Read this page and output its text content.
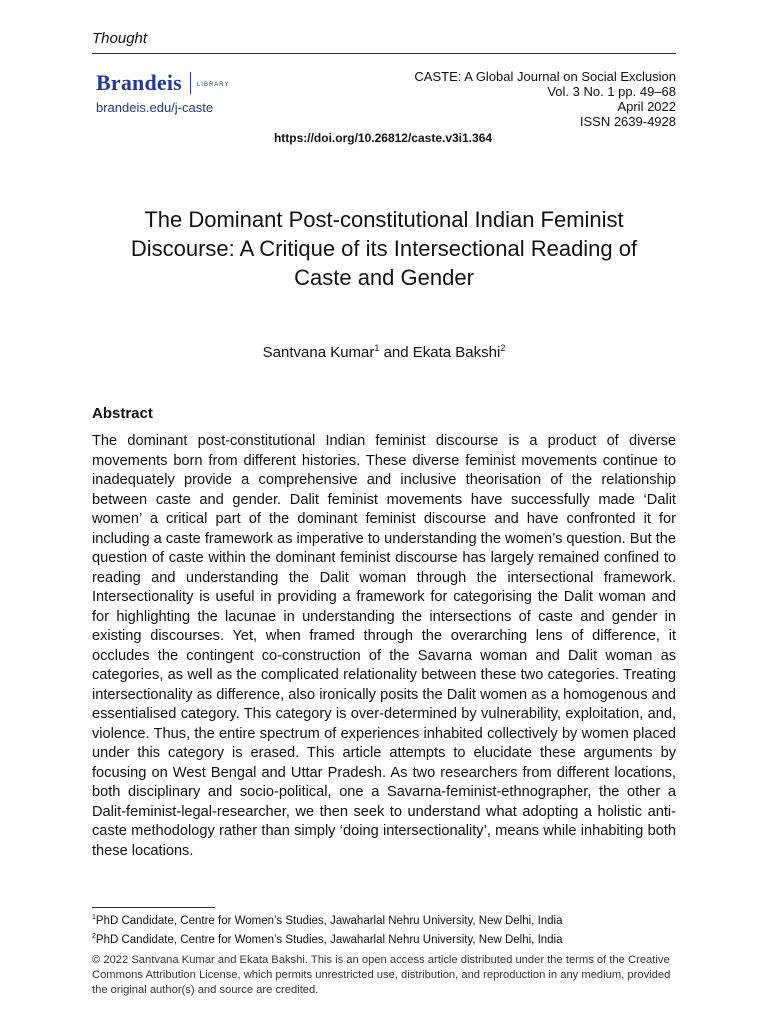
Thought
Brandeis	LIBRARY
brandeis.edu/j-caste
CASTE: A Global Journal on Social Exclusion
Vol. 3 No. 1 pp. 49–68
April 2022
ISSN 2639-4928
https://doi.org/10.26812/caste.v3i1.364
The Dominant Post-constitutional Indian Feminist
Discourse: A Critique of its Intersectional Reading of
Caste and Gender
Santvana Kumar$^1$ and Ekata Bakshi$^2$
Abstract

The dominant post-constitutional Indian feminist discourse is a product of diverse movements born from different histories. These diverse feminist movements continue to inadequately provide a comprehensive and inclusive theorisation of the relationship between caste and gender. Dalit feminist movements have successfully made ‘Dalit women’ a critical part of the dominant feminist discourse and have confronted it for including a caste framework as imperative to understanding the women’s question. But the question of caste within the dominant feminist discourse has largely remained confined to reading and understanding the Dalit woman through the intersectional framework. Intersectionality is useful in providing a framework for categorising the Dalit woman and for highlighting the lacunae in understanding the intersections of caste and gender in existing discourses. Yet, when framed through the overarching lens of difference, it occludes the contingent co-construction of the Savarna woman and Dalit woman as categories, as well as the complicated relationality between these two categories. Treating intersectionality as difference, also ironically posits the Dalit women as a homogenous and essentialised category. This category is over-determined by vulnerability, exploitation, and, violence. Thus, the entire spectrum of experiences inhabited collectively by women placed under this category is erased. This article attempts to elucidate these arguments by focusing on West Bengal and Uttar Pradesh. As two researchers from different locations, both disciplinary and socio-political, one a Savarna-feminist-ethnographer, the other a Dalit-feminist-legal-researcher, we then seek to understand what adopting a holistic anti-caste methodology rather than simply ‘doing intersectionality’, means while inhabiting both these locations.

$^1$PhD Candidate, Centre for Women’s Studies, Jawaharlal Nehru University, New Delhi, India
$^2$PhD Candidate, Centre for Women’s Studies, Jawaharlal Nehru University, New Delhi, India
© 2022 Santvana Kumar and Ekata Bakshi. This is an open access article distributed under the terms of the Creative Commons Attribution License, which permits unrestricted use, distribution, and reproduction in any medium, provided the original author(s) and source are credited.
